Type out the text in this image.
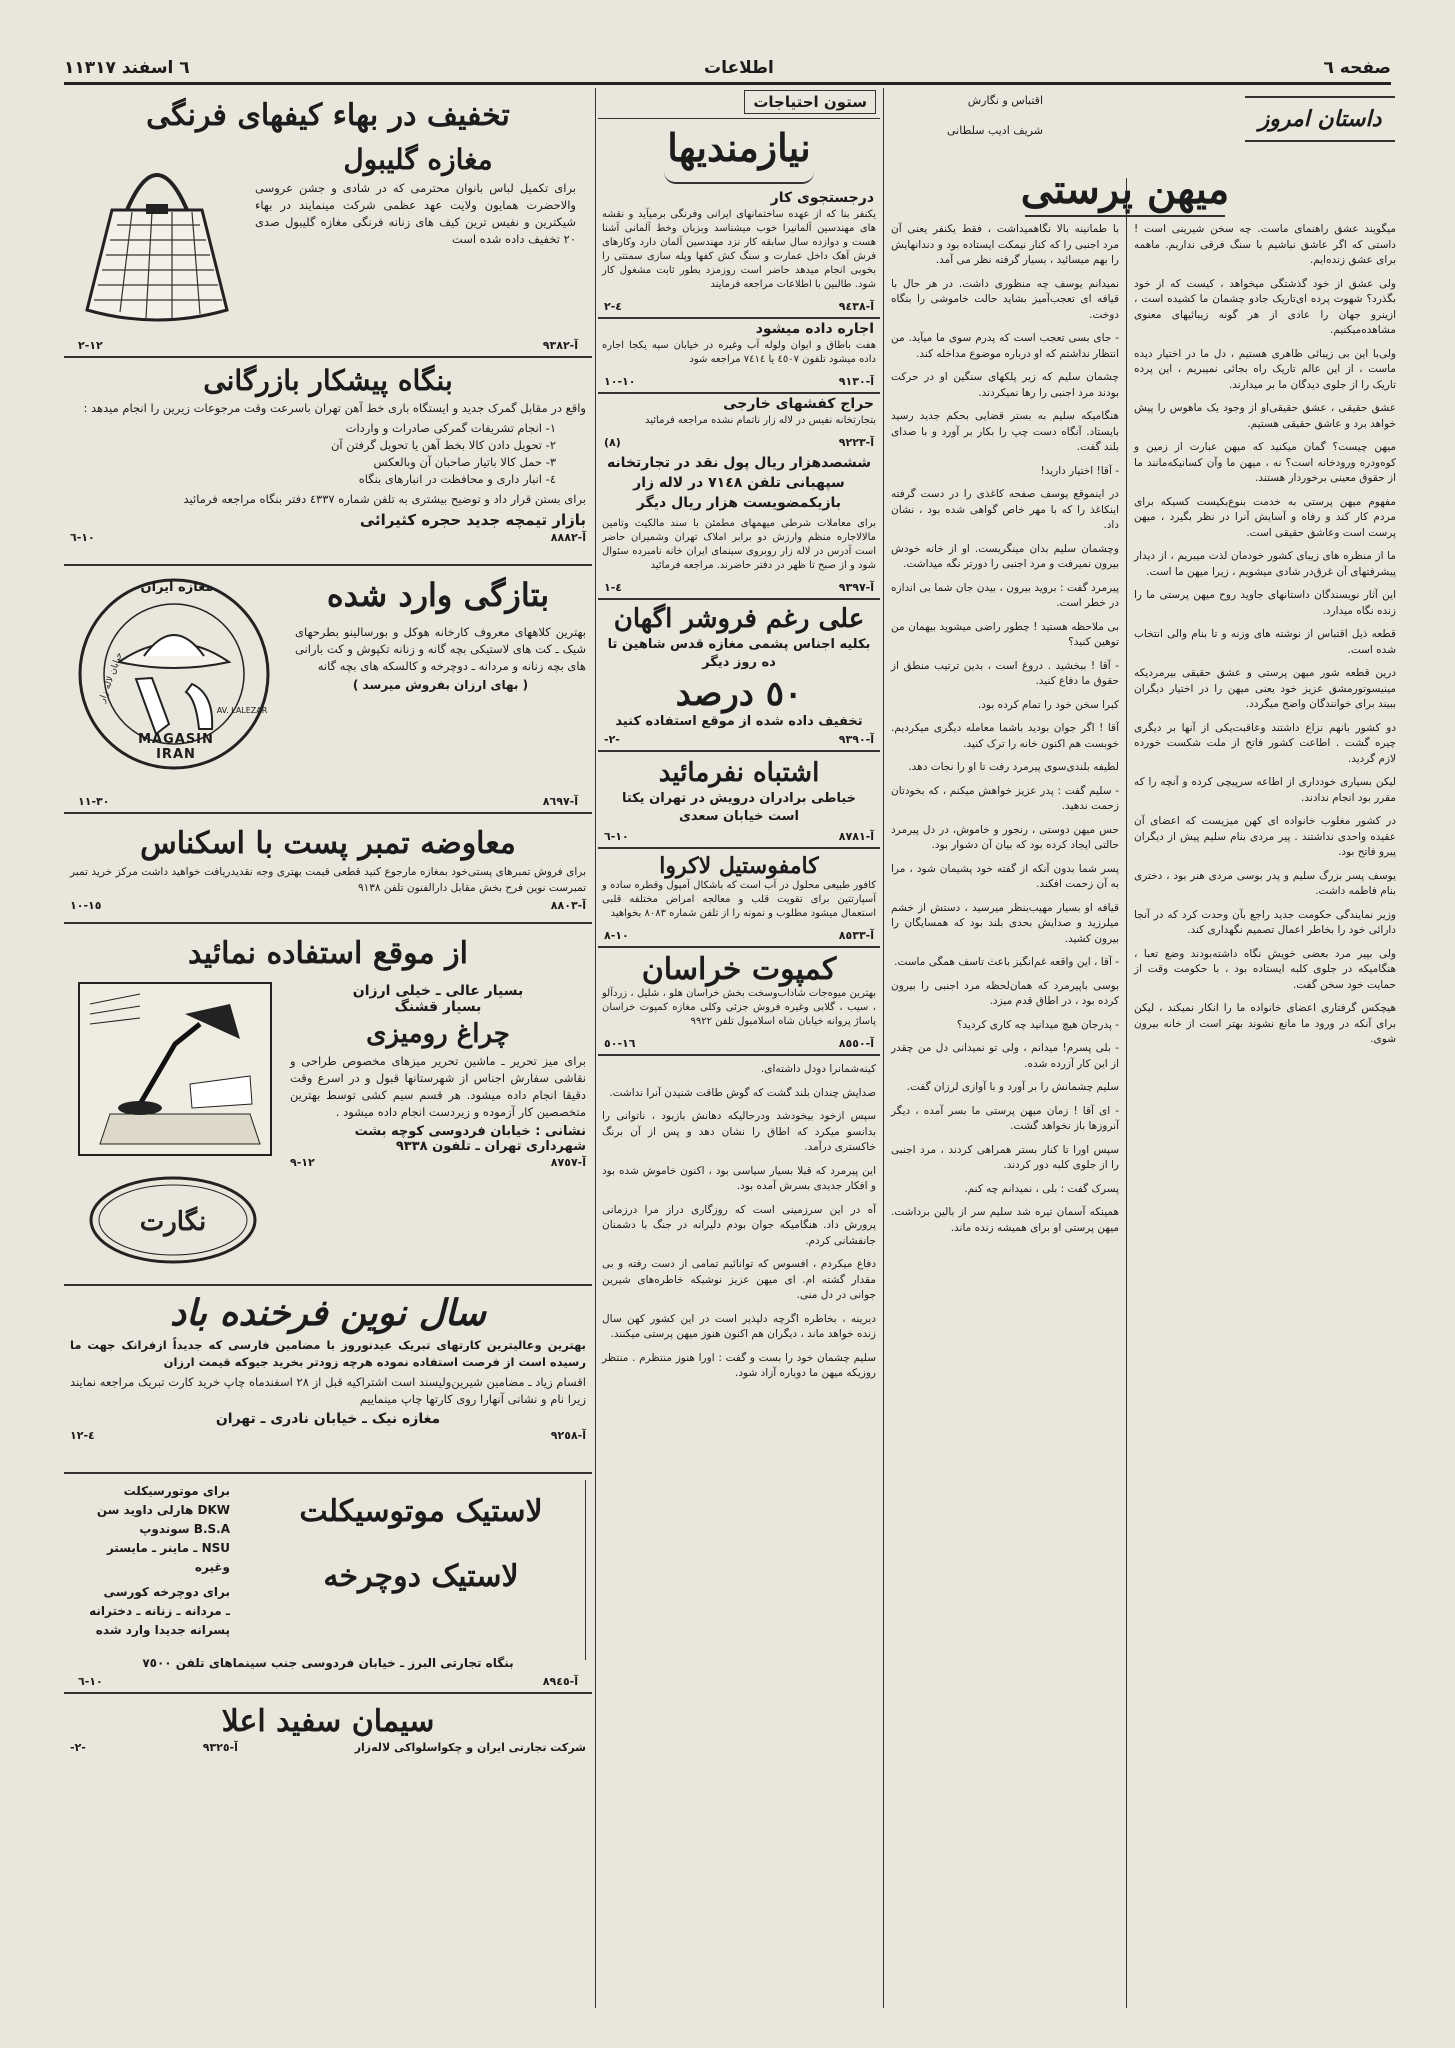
صفحه ٦
اطلاعات
۱٦ اسفند ۱۳۱۷
داستان امروز
اقتباس و نگارش
شریف ادیب سلطانی
میهن پرستی

میگویند عشق راهنمای ماست. چه سخن شیرینی است ! داستی که اگر عاشق نباشیم با سنگ فرقی نداریم. ماهمه برای عشق زنده‌ایم.

ولی عشق از خود گذشتگی میخواهد ، کیست که از خود بگذرد؟ شهوت پرده ای‌تاریک جادو چشمان ما کشیده است ، ازینرو جهان را عادی از هر گونه زیبائیهای معنوی مشاهده‌میکنیم.

ولی‌با این بی زیبائی ظاهری هستیم ، دل ما در اختیار دیده ماست ، از این عالم تاریک راه بجائی نمیبریم ، این پرده تاریک را از جلوی دیدگان ما بر میدارند.

عشق حقیقی ، عشق حقیقی‌او از وجود یک ماهوس را پیش خواهد برد و عاشق حقیقی هستیم.

میهن چیست؟ گمان میکنید که میهن عبارت از زمین و کوه‌ودره ورودخانه است؟ نه ، میهن ما وآن کسانیکه‌مانند ما از حقوق معینی برخوردار هستند.

مفهوم میهن پرستی به خدمت بنوع‌بکیست کسیکه برای مردم کار کند و رفاه و آسایش آنرا در نظر بگیرد ، میهن پرست است وعاشق حقیقی است.

ما از منظره های زیبای کشور خودمان لذت میبریم ، از دیدار پیشرفتهای آن غرق‌در شادی میشویم ، زیرا میهن ما است.

این آثار نویسندگان داستانهای جاوید روح میهن پرستی ما را زنده نگاه میدارد.

قطعه ذیل اقتباس از نوشته های وزنه و تا بنام والی انتخاب شده است.

درین قطعه شور میهن پرستی و عشق حقیقی بیرمردیکه مینیسوتورمشق عزیز خود یعنی میهن را در اختیار دیگران ببیند برای خوانندگان واضح میگردد.

دو کشور بانهم نزاع داشتند وعاقبت‌یکی از آنها بر دیگری چیره گشت . اطاعت کشور فاتح از ملت شکست خورده لازم گردید.

لیکن بسیاری خودداری از اطاعه سرپیچی کرده و آنچه را که مقرر بود انجام ندادند.

در کشور مغلوب خانواده ای کهن میزیست که اعضای آن عقیده واحدی نداشتند . پیر مردی بنام سلیم پیش از دیگران پیرو فاتح بود.

یوسف پسر بزرگ سلیم و پدر بوسی مردی هنر بود ، دختری بنام فاطمه داشت.

وزیر نمایندگی حکومت جدید راجع بآن وحدت کرد که در آنجا دارائی خود را بخاطر اعمال تصمیم نگهداری کند.

ولی بپیر مرد بعضی خویش نگاه داشته‌بودند وضع تعبا ، هنگامیکه در جلوی کلبه ایستاده بود ، با حکومت وقت از حمایت خود سخن گفت.

هیچکس گرفتاری اعضای خانواده ما را انکار نمیکند ، لیکن برای آنکه در ورود ما مانع نشوند بهتر است از خانه بیرون شوی.

با طمانینه بالا نگاهمیداشت ، فقط یکنفر یعنی آن مرد اجنبی را که کنار نیمکت ایستاده بود و دندانهایش را بهم میسائید ، بسیار گرفته نظر می آمد.

نمیدانم یوسف چه منظوری داشت. در هر حال با قیافه ای تعجب‌آمیز بشاید حالت خاموشی را بنگاه دوخت.

- جای بسی تعجب است که پدرم سوی ما میآید. من انتظار نداشتم که او درباره موضوع مداخله کند.

چشمان سلیم که زیر پلکهای سنگین او در حرکت بودند مرد اجنبی را رها نمیکردند.

هنگامیکه سلیم به بستر قضایی بحکم جدید رسید بایستاد. آنگاه دست چپ را بکار بر آورد و با صدای بلند گفت.

- آقا! اختیار دارید!

در اینموقع یوسف صفحه کاغذی را در دست گرفته اینکاغذ را که با مهر خاص گواهی شده بود ، نشان داد.

وچشمان سلیم بدان مینگریست. او از خانه خودش بیرون نمیرفت و مرد اجنبی را دورتر نگه میداشت.

پیرمرد گفت : بروید بیرون ، بیدن جان شما بی اندازه در خطر است.

بی ملاحظه هستید ! چطور راضی میشوید بیهمان من توهین کنید؟

- آقا ! ببخشید . دروغ است ، بدین ترتیب منطق از حقوق ما دفاع کنید.

کبرا سخن خود را تمام کرده بود.

آقا ! اگر جوان بودید باشما معامله دیگری میکردیم. خوبست هم اکنون خانه را ترک کنید.

لطیفه بلندی‌سوی پیرمرد رفت تا او را نجات دهد.

- سلیم گفت : پدر عزیز خواهش میکنم ، که بخودتان زحمت ندهید.

حس میهن دوستی ، رنجور و خاموش، در دل پیرمرد حالتی ایجاد کرده بود که بیان آن دشوار بود.

پسر شما بدون آنکه از گفته خود پشیمان شود ، مرا به آن زحمت افکند.

قیافه او بسیار مهیب‌بنظر میرسید ، دستش از خشم میلرزید و صدایش بحدی بلند بود که همسایگان را بیرون کشید.

- آقا ، این واقعه غم‌انگیز باعث تاسف همگی ماست.

بوسی باپیرمرد که همان‌لحظه مرد اجنبی را بیرون کرده بود ، در اطاق قدم میزد.

- پدرجان هیچ میدانید چه کاری کردید؟

- بلی پسرم! میدانم ، ولی تو نمیدانی دل من چقدر از این کار آزرده شده.

سلیم چشمانش را بر آورد و با آوازی لرزان گفت.

- ای آقا ! زمان میهن پرستی ما بسر آمده ، دیگر آنروزها باز نخواهد گشت.

سپس اورا تا کنار بستر همراهی کردند ، مرد اجنبی را از جلوی کلبه دور کردند.

پسرک گفت : بلی ، نمیدانم چه کنم.

همینکه آسمان تیره شد سلیم سر از بالین برداشت. میهن پرستی او برای همیشه زنده ماند.

ستون احتیاجات
نیازمندیها
درجستجوی کار

یکنفر بنا که از عهده ساختمانهای ایرانی وفرنگی برمیآید و نقشه های مهندسین آلمانیرا خوب میشناسد وبزبان وخط آلمانی آشنا هست و دوازده سال سابقه کار نزد مهندسین آلمان دارد وکارهای فرش آهک داخل عمارت و سنگ کش کفها وپله سازی سمنتی را بخوبی انجام میدهد حاضر است روزمزد بطور ثابت مشغول کار شود. طالبین با اطلاعات مراجعه فرمایند

آ-٩٤٣٨
٤-٢
اجاره داده میشود

هفت باطاق و ایوان ولوله آب وغیره در خیابان سپه یکجا اجاره داده میشود تلفون ٤٥٠٧ یا ٧٤١٤ مراجعه شود

آ-٩١٣٠
١٠-١٠
حراج کفشهای خارجی

بتجارتخانه نفیس در لاله زار ناتمام نشده مراجعه فرمائید

آ-٩٢٢٣
(٨)
ششصدهزار ریال پول نقد در تجارتخانه سپهبانی تلفن ٧١٤٨ در لاله زار بازیکمضویست هزار ریال دیگر

برای معاملات شرطی میهمهای مطمئن با سند مالکیت وتامین مالالاجاره منظم وارزش دو برابر املاک تهران وشمیران حاضر است آدرس در لاله زار روبروی سینمای ایران خانه نامبرده سئوال شود و از صبح تا ظهر در دفتر حاضرند. مراجعه فرمائید

آ-٩٣٩٧
٤-١
علی رغم فروشر اگهان
بکلیه اجناس پشمی مغازه قدس شاهین تا ده روز دیگر
٥٠ درصد
تخفیف داده شده از موقع استفاده کنید
آ-٩٣٩٠
-٢-
اشتباه نفرمائید
خیاطی برادران درویش در تهران یکتا است خیابان سعدی
آ-٨٧٨١
١٠-٦
کامفوستیل لاکروا

کافور طبیعی محلول در آب است که باشکال آمپول وقطره ساده و آسپارتتین برای تقویت قلب و معالجه امراض مختلفه قلبی استعمال میشود مطلوب و نمونه را از تلفن شماره ٨٠٨٣ بخواهید

آ-٨٥٣٣
١٠-٨
کمپوت خراسان

بهترین میوه‌جات شاداب‌وسخت بخش خراسان هلو ، شلیل ، زردآلو ، سیب ، گلابی وغیره فروش جزئی وکلی مغازه کمپوت خراسان پاساژ پروانه خیابان شاه اسلامبول تلفن ٩٩٢٢

آ-٨٥٥٠
١٦-٥٠

کینه‌شمانرا دودل داشته‌ای.

صدایش چندان بلند گشت که گوش طاقت شنیدن آنرا نداشت.

سپس ازخود بیخودشد ودرحالیکه دهانش بازبود ، ناتوانی را بدانسو میکرد که اطاق را نشان دهد و پس از آن برنگ خاکستری درآمد.

این پیرمرد که قبلا بسیار سیاسی بود ، اکنون خاموش شده بود و افکار جدیدی بسرش آمده بود.

آه در این سرزمینی است که روزگاری دراز مرا درزمانی پرورش داد. هنگامیکه جوان بودم دلیرانه در جنگ با دشمنان جانفشانی کردم.

دفاع میکردم ، افسوس که توانائیم تمامی از دست رفته و بی مقدار گشته ام. ای میهن عزیز نوشیکه خاطره‌های شیرین جوانی در دل منی.

دیرینه ، بخاطره اگرچه دلپذیر است در این کشور کهن سال زنده خواهد ماند ، دیگران هم اکنون هنوز میهن پرستی میکنند.

سلیم چشمان خود را بست و گفت : اورا هنوز منتظرم . منتظر روزیکه میهن ما دوباره آزاد شود.

تخفیف در بهاء کیفهای فرنگی
مغازه گلیبول

برای تکمیل لباس بانوان محترمی که در شادی و جشن عروسی والاحضرت همایون ولایت عهد عظمی شرکت مینمایند در بهاء شیکترین و نفیس ترین کیف های زنانه فرنگی مغازه گلیبول صدی ٢٠ تخفیف داده شده است

آ-٩٣٨٢
١٢-٢
بنگاه پیشکار بازرگانی

واقع در مقابل گمرک جدید و ایستگاه باری خط آهن تهران باسرعت وقت مرجوعات زیرین را انجام میدهد :

١- انجام تشریفات گمرکی صادرات و واردات
٢- تحویل دادن کالا بخط آهن یا تحویل گرفتن آن
٣- حمل کالا باتیار صاحبان آن وبالعکس
٤- انبار داری و محافظت در انبارهای بنگاه

برای بستن قرار داد و توضیح بیشتری به تلفن شماره ٤٣٣٧ دفتر بنگاه مراجعه فرمائید

بازار تیمچه جدید حجره کثیرائی
آ-٨٨٨٢
١٠-٦
بتازگی وارد شده

بهترین کلاههای معروف کارخانه هوکل و بورسالینو بطرحهای شیک ـ کت های لاستیکی بچه گانه و زنانه تکپوش و کت بارانی های بچه زنانه و مردانه ـ دوچرخه و کالسکه های بچه گانه

( بهای ارزان بفروش میرسد )
آ-٨٦٩٧
٣٠-١١
مغازه ایران
MAGASIN IRAN
AV. LALEZAR
خیابان لاله زار
معاوضه تمبر پست با اسکناس

برای فروش تمبرهای پستی‌خود بمغازه مارجوع کنید قطعی قیمت بهتری وجه نقدیدریافت خواهید داشت مرکز خرید تمبر تمبرست نوین فرح بخش مقابل دارالفنون تلفن ٩١٣٨

آ-٨٨٠٣
١٥-١٠
از موقع استفاده نمائید
بسیار عالی ـ خیلی ارزان
بسیار قشنگ
چراغ رومیزی

برای میز تحریر ـ ماشین تحریر میزهای مخصوص طراحی و نقاشی سفارش اجناس از شهرستانها قبول و در اسرع وقت دقیقا انجام داده میشود. هر قسم سیم کشی توسط بهترین متخصصین کار آزموده و زیردست انجام داده میشود .

نشانی : خیابان فردوسی کوچه بشت
شهرداری تهران ـ تلفون ٩٣٣٨
آ-٨٧٥٧
١٢-٩
نگارت
سال نوین فرخنده باد

بهترین وعالیترین کارتهای تبریک عیدنوروز با مضامین فارسی که جدیداً ازفرانک جهت ما رسیده است از فرصت استفاده نموده هرچه زودتر بخرید جیوکه قیمت ارزان

اقسام زیاد ـ مضامین شیرین‌ولیسند است اشتراکیه قبل از ٢٨ اسفندماه چاپ خرید کارت تبریک مراجعه نمایند زیرا نام و نشانی آنهارا روی کارتها چاپ مینماییم

مغازه نیک ـ خیابان نادری ـ تهران
آ-٩٢٥٨
٤-١٢
لاستیک موتوسیکلت
لاستیک دوچرخه
برای موتورسیکلت
DKW هارلی داوید سن
B.S.A سوندوپ
NSU ـ ماینر ـ مایستر
وغیره
برای دوچرخه کورسی
ـ مردانه ـ زنانه ـ دخترانه
پسرانه جدیدا وارد شده
بنگاه تجارتی البرز ـ خیابان فردوسی جنب سینماهای تلفن ٧٥٠٠
آ-٨٩٤٥
١٠-٦
سیمان سفید اعلا
شرکت تجارتی ایران و چکواسلواکی لاله‌زار
آ-٩٣٢٥
-٢-
